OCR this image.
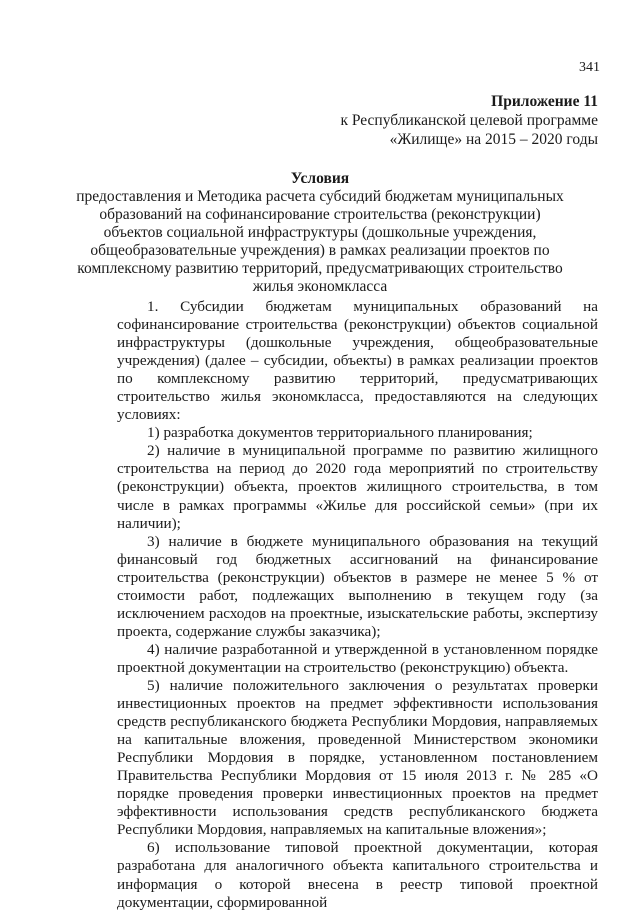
341
Приложение 11
к Республиканской целевой программе
«Жилище» на 2015 – 2020 годы
Условия
предоставления и Методика расчета субсидий бюджетам муниципальных образований на софинансирование строительства (реконструкции) объектов социальной инфраструктуры (дошкольные учреждения, общеобразовательные учреждения) в рамках реализации проектов по комплексному развитию территорий, предусматривающих строительство жилья экономкласса

1. Субсидии бюджетам муниципальных образований на софинансирование строительства (реконструкции) объектов социальной инфраструктуры (дошкольные учреждения, общеобразовательные учреждения) (далее – субсидии, объекты) в рамках реализации проектов по комплексному развитию территорий, предусматривающих строительство жилья экономкласса, предоставляются на следующих условиях:

1) разработка документов территориального планирования;

2) наличие в муниципальной программе по развитию жилищного строительства на период до 2020 года мероприятий по строительству (реконструкции) объекта, проектов жилищного строительства, в том числе в рамках программы «Жилье для российской семьи» (при их наличии);

3) наличие в бюджете муниципального образования на текущий финансовый год бюджетных ассигнований на финансирование строительства (реконструкции) объектов в размере не менее 5 % от стоимости работ, подлежащих выполнению в текущем году (за исключением расходов на проектные, изыскательские работы, экспертизу проекта, содержание службы заказчика);

4) наличие разработанной и утвержденной в установленном порядке проектной документации на строительство (реконструкцию) объекта.

5) наличие положительного заключения о результатах проверки инвестиционных проектов на предмет эффективности использования средств республиканского бюджета Республики Мордовия, направляемых на капитальные вложения, проведенной Министерством экономики Республики Мордовия в порядке, установленном постановлением Правительства Республики Мордовия от 15 июля 2013 г. № 285 «О порядке проведения проверки инвестиционных проектов на предмет эффективности использования средств республиканского бюджета Республики Мордовия, направляемых на капитальные вложения»;

6) использование типовой проектной документации, которая разработана для аналогичного объекта капитального строительства и информация о которой внесена в реестр типовой проектной документации, сформированной
